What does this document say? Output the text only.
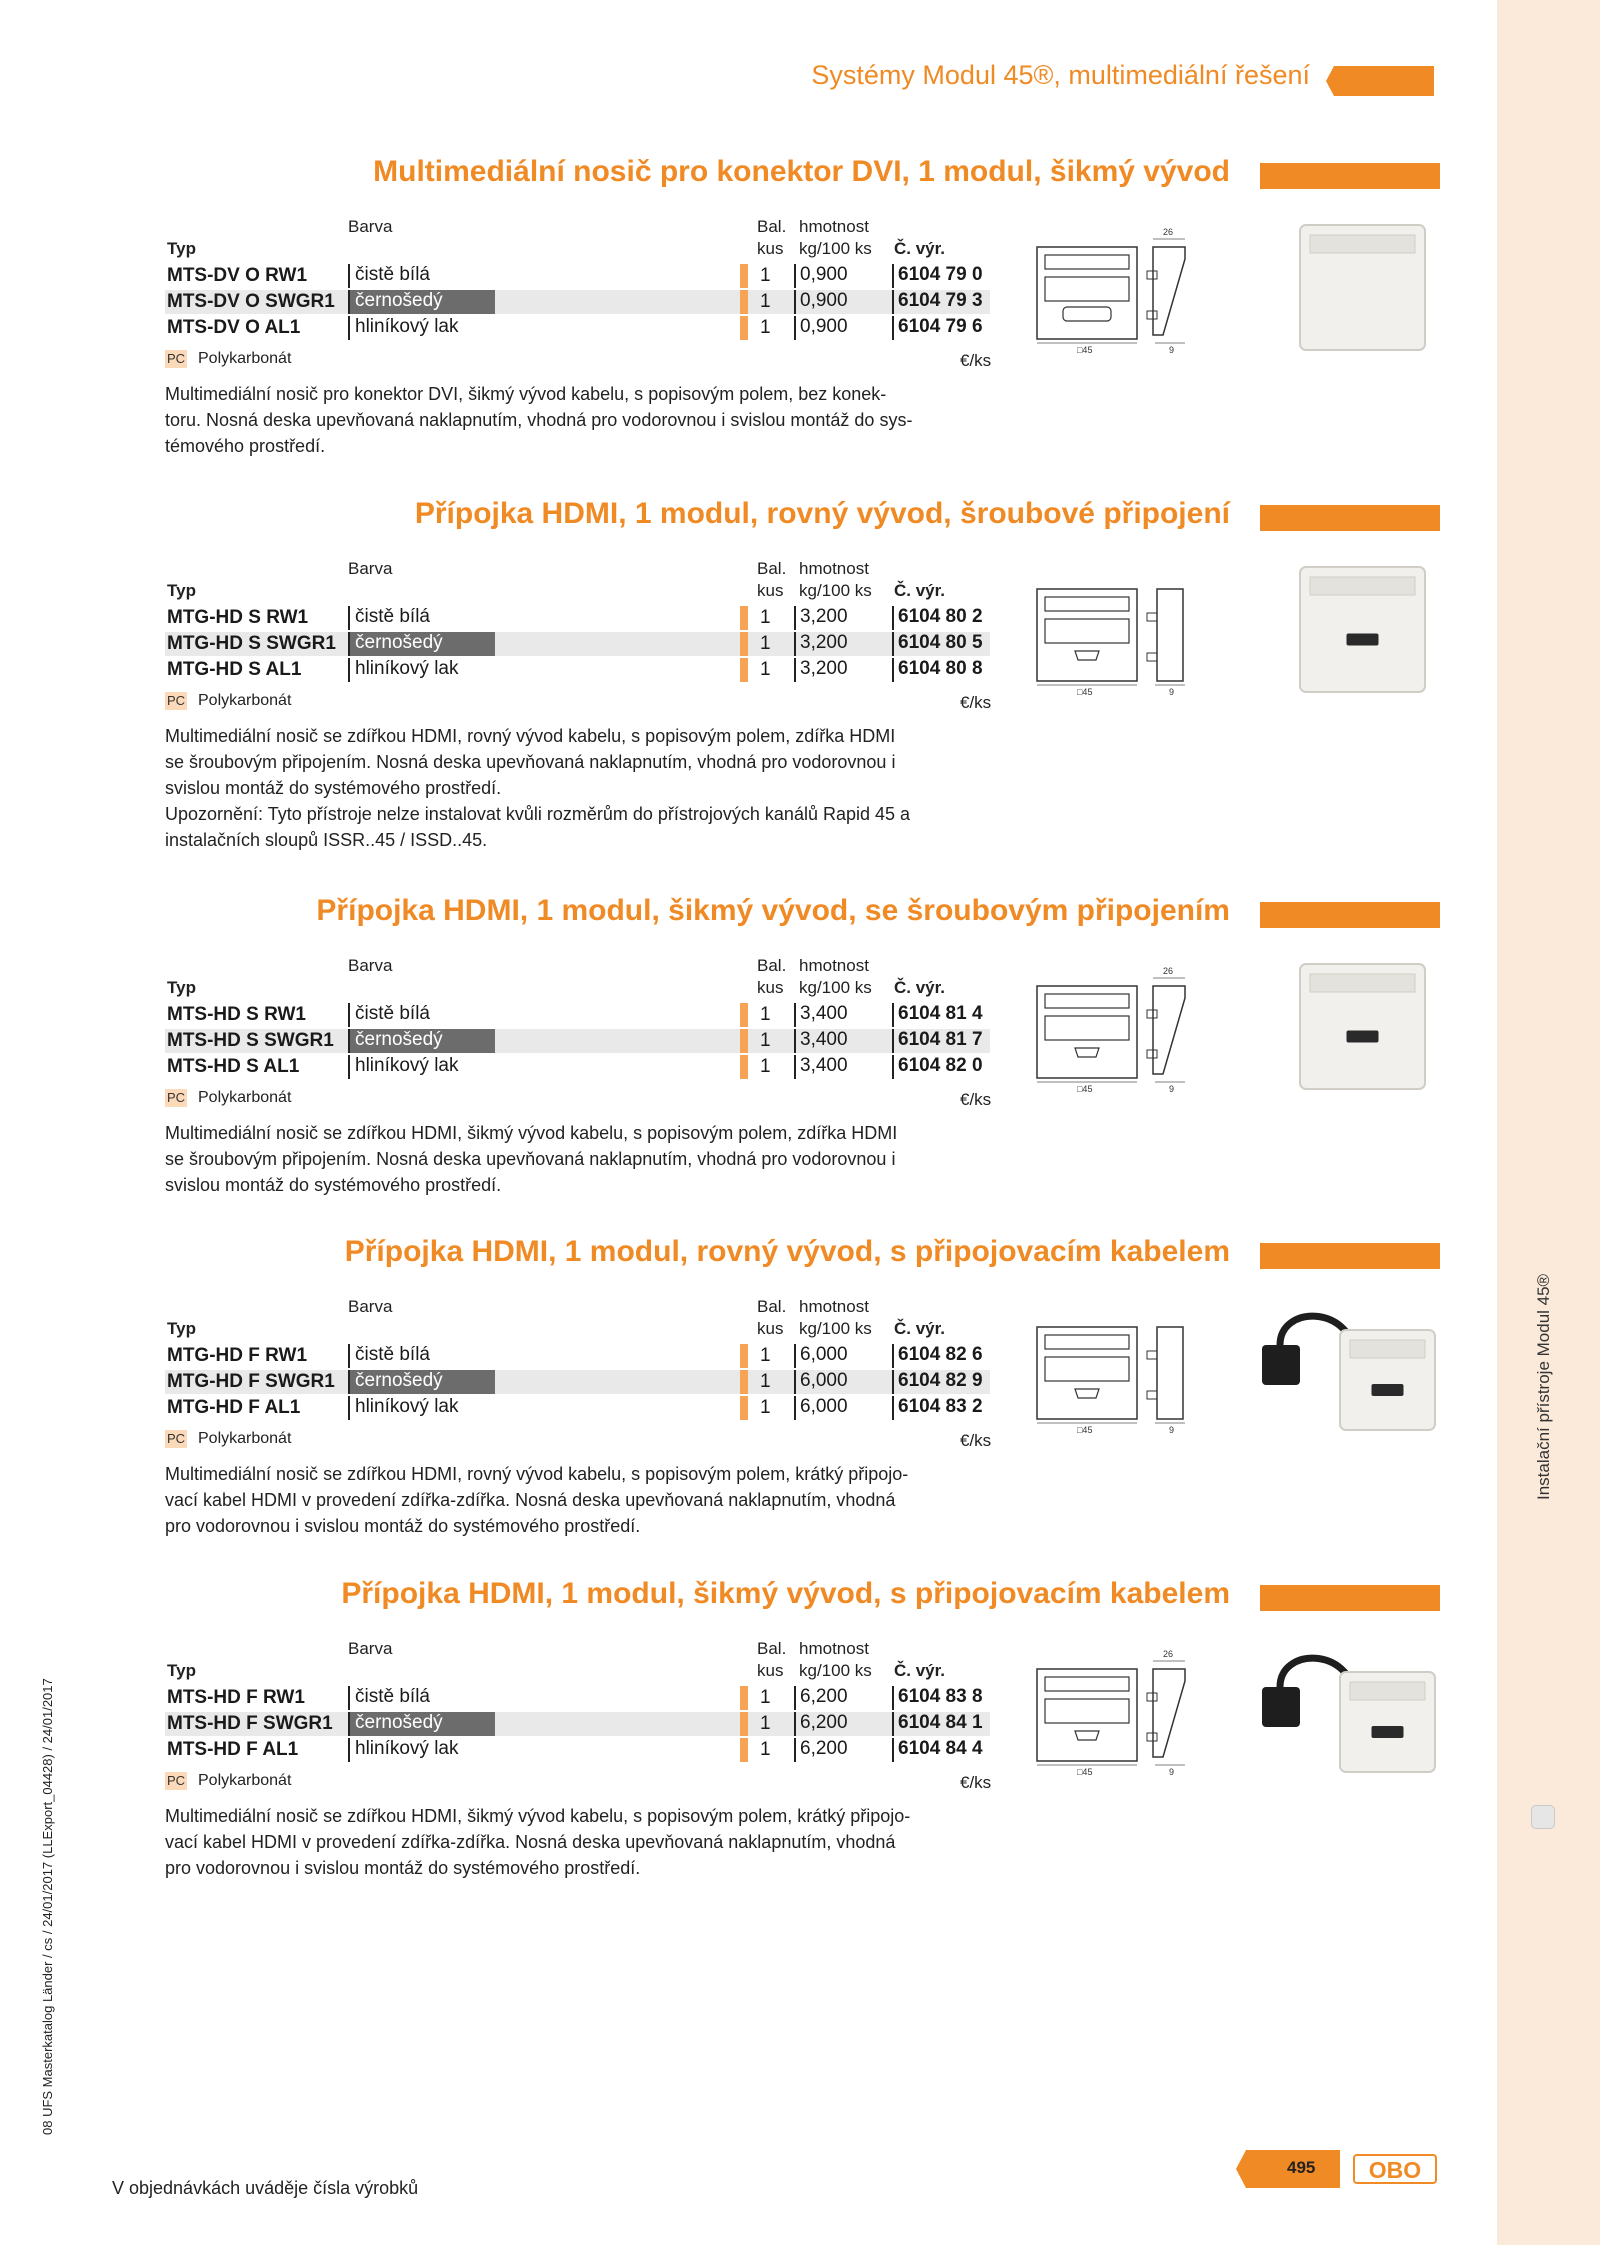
Instalační přístroje Modul 45®
08 UFS Masterkatalog Länder / cs / 24/01/2017 (LLExport_04428) / 24/01/2017
Systémy Modul 45®, multimediální řešení
Multimediální nosič pro konektor DVI, 1 modul, šikmý vývod
Barva	Bal. hmotnost
Typ	kus kg/100 ks Č. výr.
MTS-DV O RW1	čistě bílá	1	0,900	6104 79 0
MTS-DV O SWGR1	černošedý	1	0,900	6104 79 3
MTS-DV O AL1	hliníkový lak	1	0,900	6104 79 6
PC Polykarbonát	€/ks
Multimediální nosič pro konektor DVI, šikmý vývod kabelu, s popisovým polem, bez konek-
toru. Nosná deska upevňovaná naklapnutím, vhodná pro vodorovnou i svislou montáž do sys-
témového prostředí.
□45	9
26
Přípojka HDMI, 1 modul, rovný vývod, šroubové připojení
Barva	Bal. hmotnost
Typ	kus kg/100 ks Č. výr.
MTG-HD S RW1	čistě bílá	1	3,200	6104 80 2
MTG-HD S SWGR1	černošedý	1	3,200	6104 80 5
MTG-HD S AL1	hliníkový lak	1	3,200	6104 80 8
PC Polykarbonát	€/ks
Multimediální nosič se zdířkou HDMI, rovný vývod kabelu, s popisovým polem, zdířka HDMI
se šroubovým připojením. Nosná deska upevňovaná naklapnutím, vhodná pro vodorovnou i
svislou montáž do systémového prostředí.
Upozornění: Tyto přístroje nelze instalovat kvůli rozměrům do přístrojových kanálů Rapid 45 a
instalačních sloupů ISSR..45 / ISSD..45.
□45	9
Přípojka HDMI, 1 modul, šikmý vývod, se šroubovým připojením
Barva	Bal. hmotnost
Typ	kus kg/100 ks Č. výr.
MTS-HD S RW1	čistě bílá	1	3,400	6104 81 4
MTS-HD S SWGR1	černošedý	1	3,400	6104 81 7
MTS-HD S AL1	hliníkový lak	1	3,400	6104 82 0
PC Polykarbonát	€/ks
Multimediální nosič se zdířkou HDMI, šikmý vývod kabelu, s popisovým polem, zdířka HDMI
se šroubovým připojením. Nosná deska upevňovaná naklapnutím, vhodná pro vodorovnou i
svislou montáž do systémového prostředí.
□45	9
26
Přípojka HDMI, 1 modul, rovný vývod, s připojovacím kabelem
Barva	Bal. hmotnost
Typ	kus kg/100 ks Č. výr.
MTG-HD F RW1	čistě bílá	1	6,000	6104 82 6
MTG-HD F SWGR1	černošedý	1	6,000	6104 82 9
MTG-HD F AL1	hliníkový lak	1	6,000	6104 83 2
PC Polykarbonát	€/ks
Multimediální nosič se zdířkou HDMI, rovný vývod kabelu, s popisovým polem, krátký připojo-
vací kabel HDMI v provedení zdířka-zdířka. Nosná deska upevňovaná naklapnutím, vhodná
pro vodorovnou i svislou montáž do systémového prostředí.
□45	9
Přípojka HDMI, 1 modul, šikmý vývod, s připojovacím kabelem
Barva	Bal. hmotnost
Typ	kus kg/100 ks Č. výr.
MTS-HD F RW1	čistě bílá	1	6,200	6104 83 8
MTS-HD F SWGR1	černošedý	1	6,200	6104 84 1
MTS-HD F AL1	hliníkový lak	1	6,200	6104 84 4
PC Polykarbonát	€/ks
Multimediální nosič se zdířkou HDMI, šikmý vývod kabelu, s popisovým polem, krátký připojo-
vací kabel HDMI v provedení zdířka-zdířka. Nosná deska upevňovaná naklapnutím, vhodná
pro vodorovnou i svislou montáž do systémového prostředí.
□45	9
26
V objednávkách uváděje čísla výrobků
495 OBO
